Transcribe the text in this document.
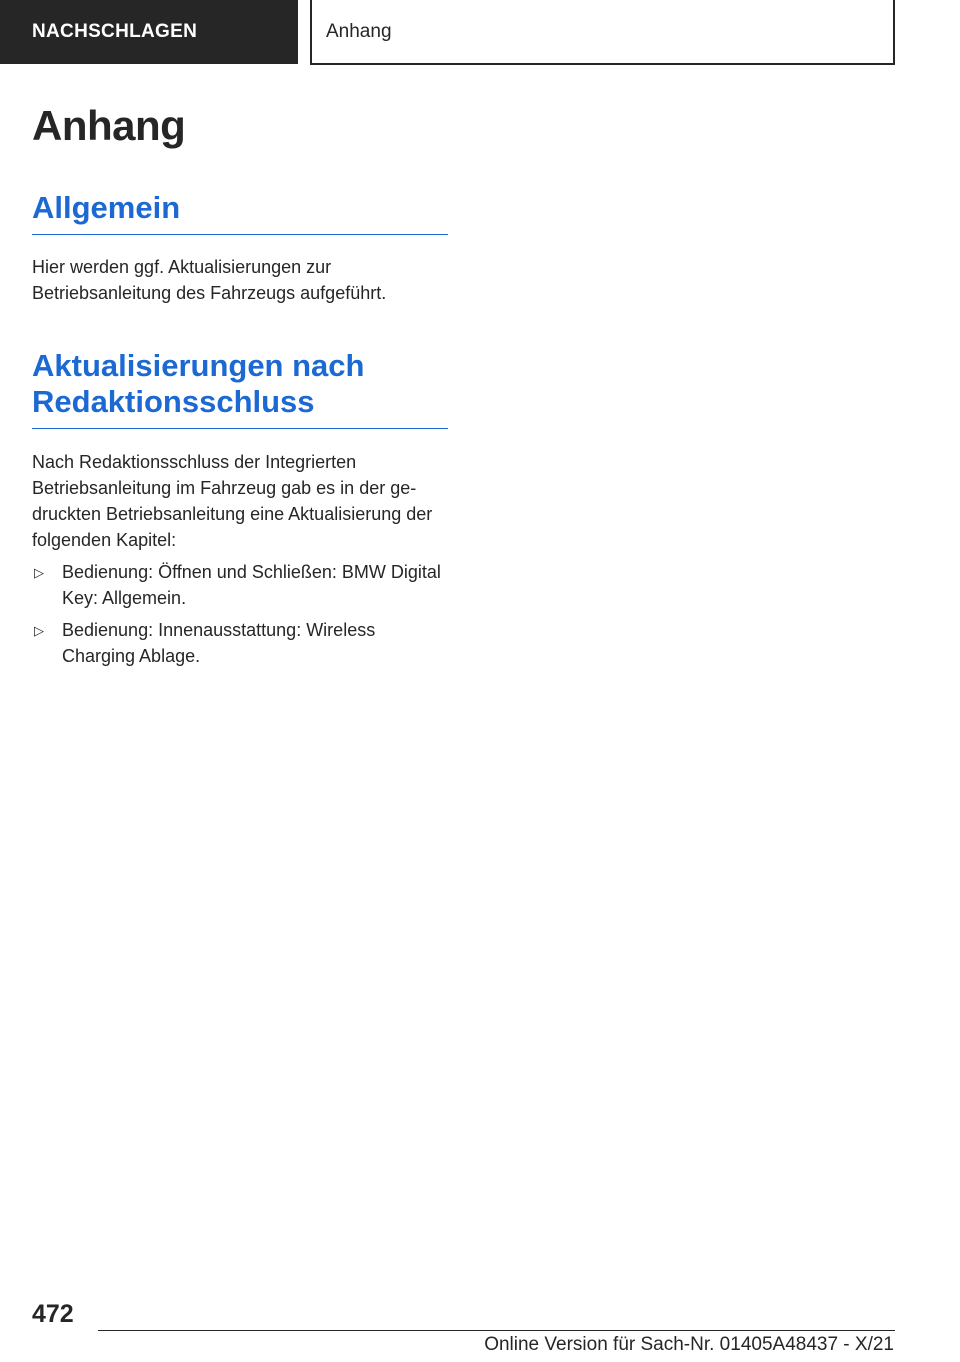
NACHSCHLAGEN	Anhang
Anhang
Allgemein

Hier werden ggf. Aktualisierungen zur Betriebsanleitung des Fahrzeugs aufgeführt.

Aktualisierungen nach
Redaktionsschluss

Nach Redaktionsschluss der Integrierten Betriebsanleitung im Fahrzeug gab es in der gedruckten Betriebsanleitung eine Aktualisierung der folgenden Kapitel:

▷ Bedienung: Öffnen und Schließen: BMW Digital Key: Allgemein.
▷ Bedienung: Innenausstattung: Wireless Charging Ablage.
472
Online Version für Sach-Nr. 01405A48437 - X/21
